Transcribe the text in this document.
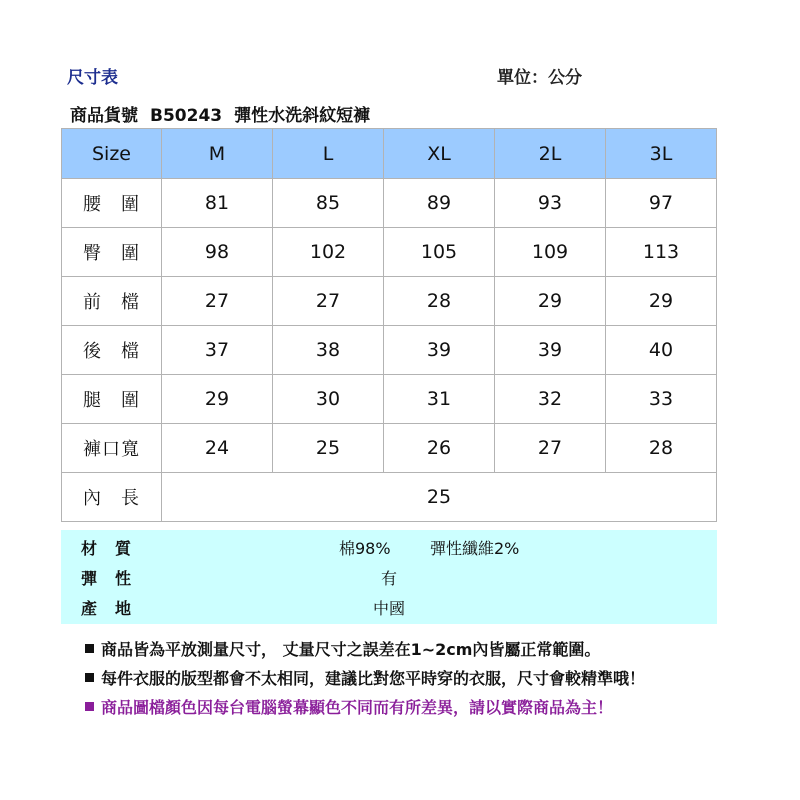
尺寸表	單位：公分
商品貨號 B50243 彈性水洗斜紋短褲
Size	M	L	XL	2L	3L
腰　圍	81	85	89	93	97
臀　圍	98	102	105	109	113
前　檔	27	27	28	29	29
後　檔	37	38	39	39	40
腿　圍	29	30	31	32	33
褲口寬	24	25	26	27	28
內　長	25				
材　質	棉98% 彈性纖維2%
彈　性	有
產　地	中國
商品皆為平放測量尺寸， 丈量尺寸之誤差在1~2cm內皆屬正常範圍。
每件衣服的版型都會不太相同，建議比對您平時穿的衣服，尺寸會較精準哦！
商品圖檔顏色因每台電腦螢幕顯色不同而有所差異，請以實際商品為主！
